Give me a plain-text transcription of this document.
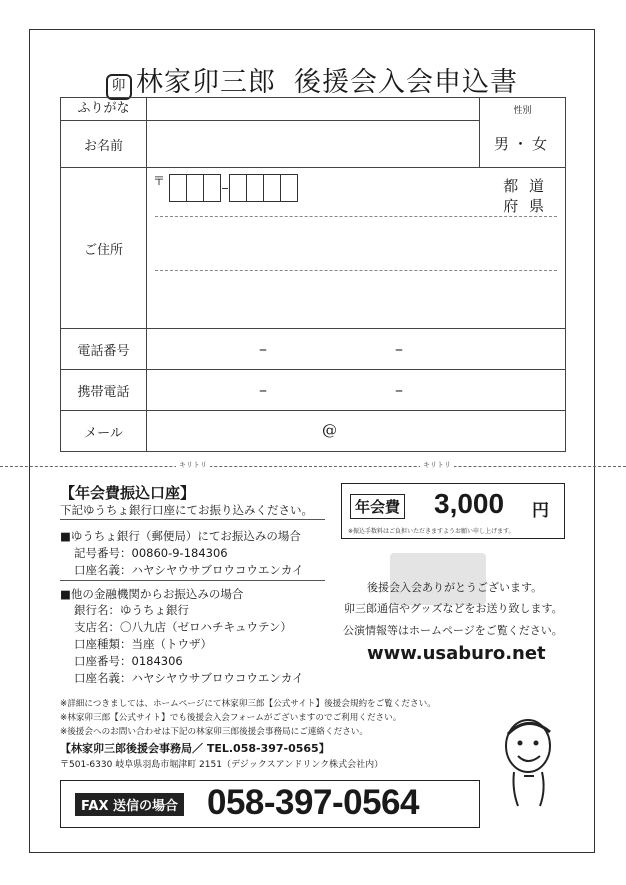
卯 林家卯三郎 後援会入会申込書
ふりがな		性別
お名前		男・女
ご住所	〒 都 道
府 県	

電話番号	– –	

携帯電話	– –	

メール	@	
キリトリ	キリトリ
【年会費振込口座】
下記ゆうちょ銀行口座にてお振り込みください。
■ゆうちょ銀行（郵便局）にてお振込みの場合
記号番号：00860-9-184306
口座名義：ハヤシヤウサブロウコウエンカイ
■他の金融機関からお振込みの場合
銀行名：ゆうちょ銀行
支店名：〇八九店（ゼロハチキュウテン）
口座種類：当座（トウザ）
口座番号：0184306
口座名義：ハヤシヤウサブロウコウエンカイ
年会費 3,000 円
※振込手数料はご負担いただきますようお願い申し上げます。
後援会入会ありがとうございます。
卯三郎通信やグッズなどをお送り致します。
公演情報等はホームページをご覧ください。
www.usaburo.net
※詳細につきましては、ホームページにて林家卯三郎【公式サイト】後援会規約をご覧ください。
※林家卯三郎【公式サイト】でも後援会入会フォームがございますのでご利用ください。
※後援会へのお問い合わせは下記の林家卯三郎後援会事務局にご連絡ください。
【林家卯三郎後援会事務局／ TEL.058-397-0565】
〒501-6330 岐阜県羽島市堀津町 2151（デジックスアンドリンク株式会社内）
FAX 送信の場合 058-397-0564
